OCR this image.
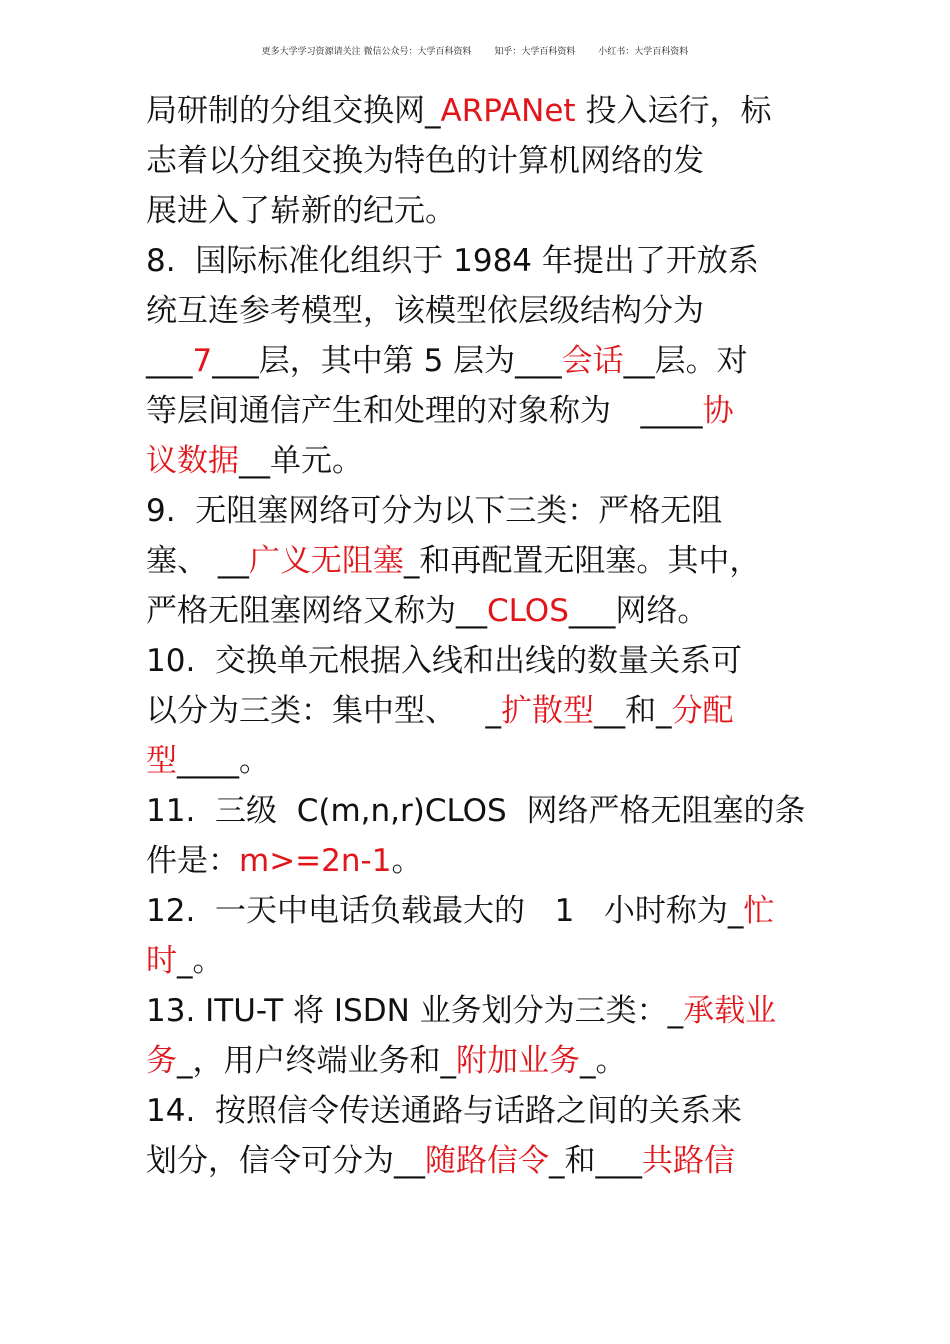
更多大学学习资源请关注 微信公众号：大学百科资料        知乎：大学百科资料        小红书：大学百科资料
局研制的分组交换网_ARPANet 投入运行，标
志着以分组交换为特色的计算机网络的发
展进入了崭新的纪元。
8.  国际标准化组织于 1984 年提出了开放系
统互连参考模型，该模型依层级结构分为
___7___层，其中第 5 层为___会话__层。对
等层间通信产生和处理的对象称为   ____协
议数据__单元。
9.  无阻塞网络可分为以下三类：严格无阻
塞、 __广义无阻塞_和再配置无阻塞。其中，
严格无阻塞网络又称为__CLOS___网络。
10.  交换单元根据入线和出线的数量关系可
以分为三类：集中型、   _扩散型__和_分配
型____。
11.  三级  C(m,n,r)CLOS  网络严格无阻塞的条
件是：m>=2n-1。
12.  一天中电话负载最大的   1   小时称为_忙
时_。
13. ITU-T 将 ISDN 业务划分为三类：_承载业
务_，用户终端业务和_附加业务_。
14.  按照信令传送通路与话路之间的关系来
划分，信令可分为__随路信令_和___共路信
